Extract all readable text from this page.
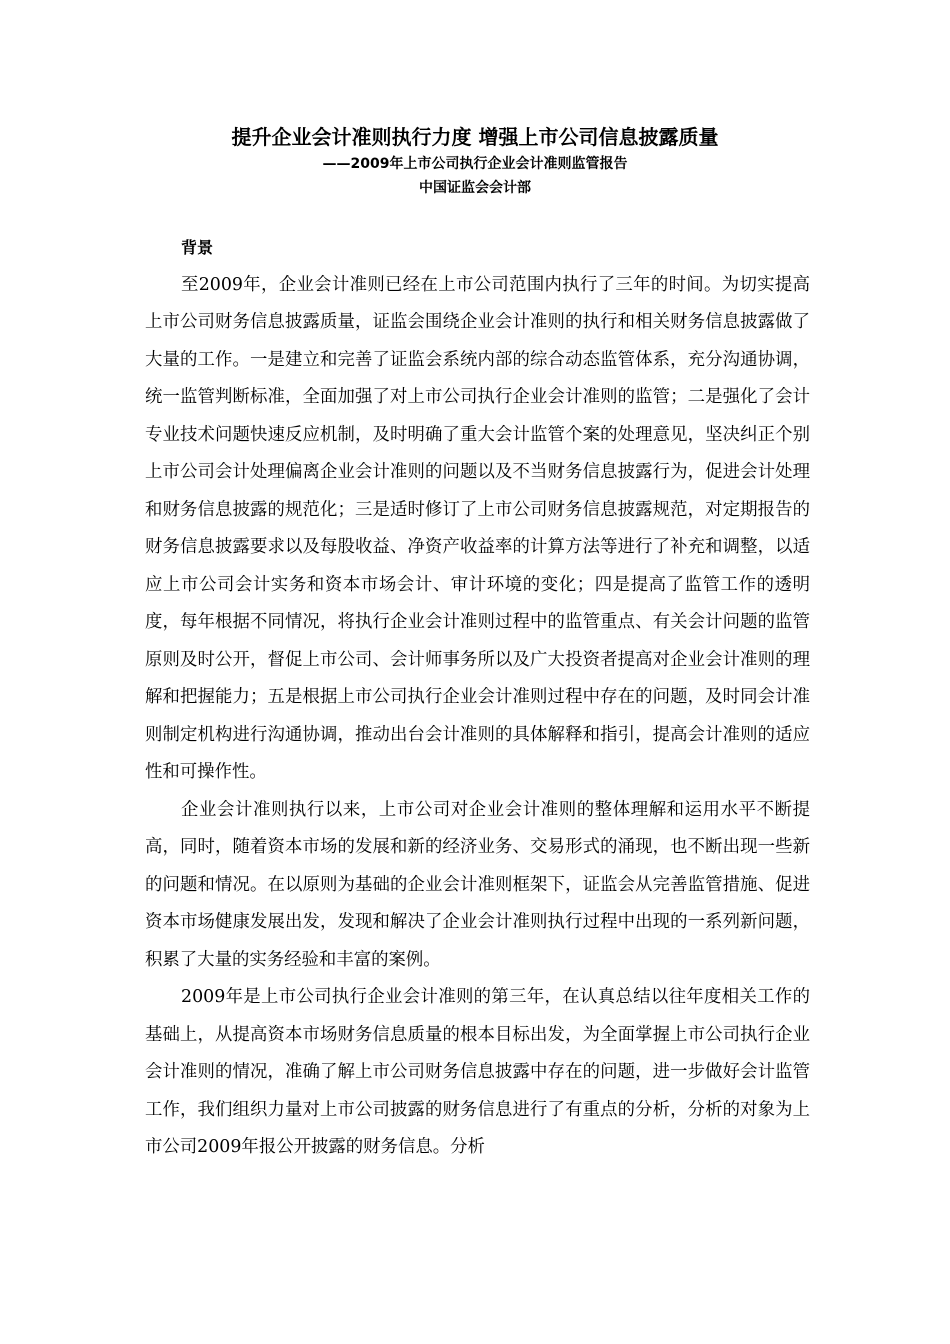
提升企业会计准则执行力度 增强上市公司信息披露质量

——2009年上市公司执行企业会计准则监管报告

中国证监会会计部

背景

至2009年，企业会计准则已经在上市公司范围内执行了三年的时间。为切实提高上市公司财务信息披露质量，证监会围绕企业会计准则的执行和相关财务信息披露做了大量的工作。一是建立和完善了证监会系统内部的综合动态监管体系，充分沟通协调，统一监管判断标准，全面加强了对上市公司执行企业会计准则的监管；二是强化了会计专业技术问题快速反应机制，及时明确了重大会计监管个案的处理意见，坚决纠正个别上市公司会计处理偏离企业会计准则的问题以及不当财务信息披露行为，促进会计处理和财务信息披露的规范化；三是适时修订了上市公司财务信息披露规范，对定期报告的财务信息披露要求以及每股收益、净资产收益率的计算方法等进行了补充和调整，以适应上市公司会计实务和资本市场会计、审计环境的变化；四是提高了监管工作的透明度，每年根据不同情况，将执行企业会计准则过程中的监管重点、有关会计问题的监管原则及时公开，督促上市公司、会计师事务所以及广大投资者提高对企业会计准则的理解和把握能力；五是根据上市公司执行企业会计准则过程中存在的问题，及时同会计准则制定机构进行沟通协调，推动出台会计准则的具体解释和指引，提高会计准则的适应性和可操作性。

企业会计准则执行以来，上市公司对企业会计准则的整体理解和运用水平不断提高，同时，随着资本市场的发展和新的经济业务、交易形式的涌现，也不断出现一些新的问题和情况。在以原则为基础的企业会计准则框架下，证监会从完善监管措施、促进资本市场健康发展出发，发现和解决了企业会计准则执行过程中出现的一系列新问题，积累了大量的实务经验和丰富的案例。

2009年是上市公司执行企业会计准则的第三年，在认真总结以往年度相关工作的基础上，从提高资本市场财务信息质量的根本目标出发，为全面掌握上市公司执行企业会计准则的情况，准确了解上市公司财务信息披露中存在的问题，进一步做好会计监管工作，我们组织力量对上市公司披露的财务信息进行了有重点的分析，分析的对象为上市公司2009年报公开披露的财务信息。分析
